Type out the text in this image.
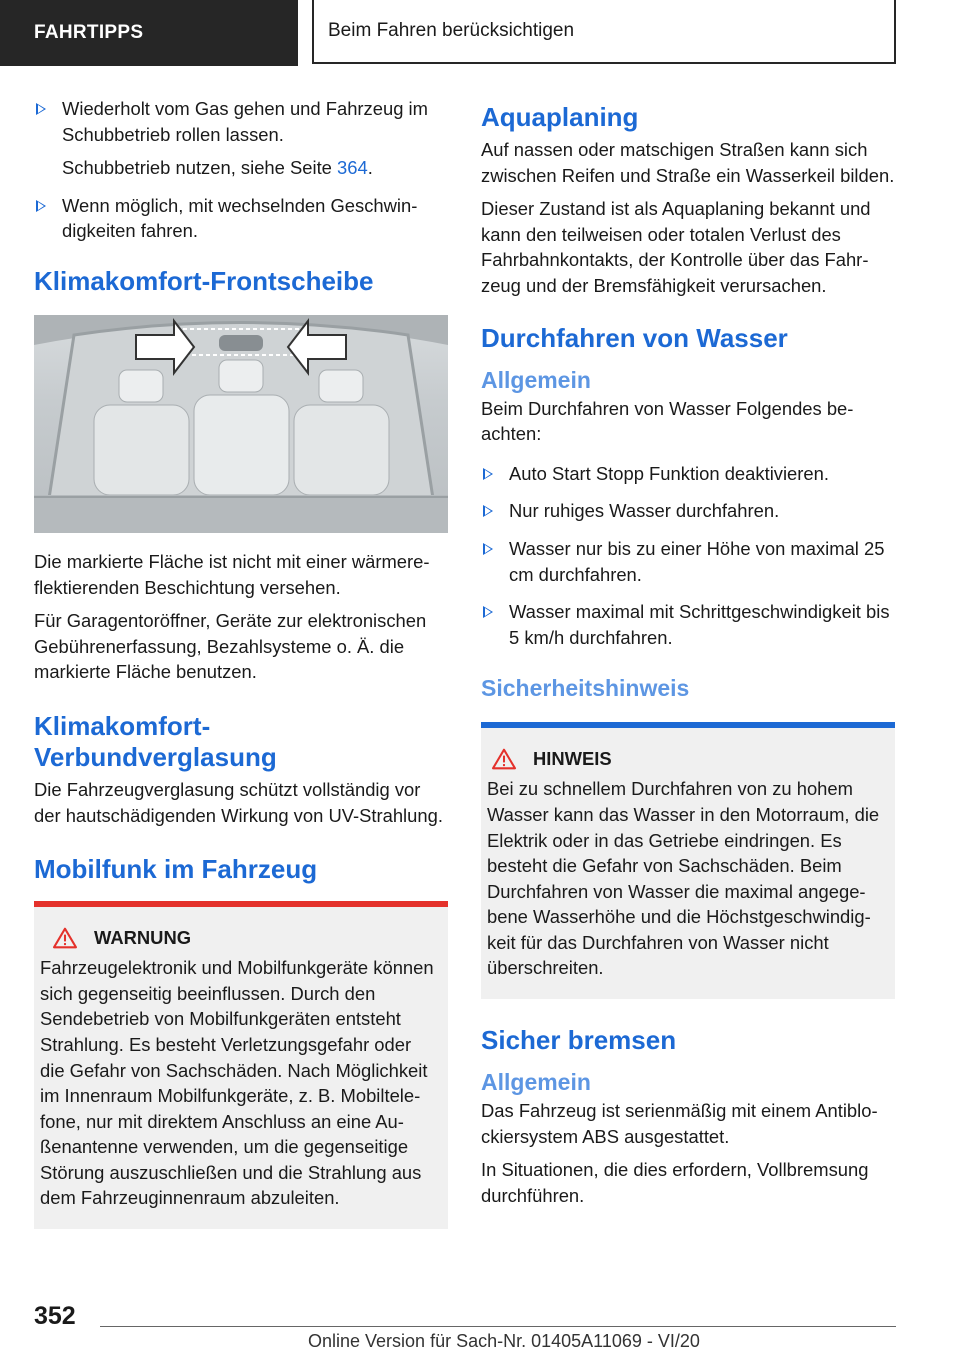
FAHRTIPPS	Beim Fahren berücksichtigen
Wiederholt vom Gas gehen und Fahrzeug im Schubbetrieb rollen lassen.

Schubbetrieb nutzen, siehe Seite 364.

Wenn möglich, mit wechselnden Geschwindigkeiten fahren.
Klimakomfort-Frontscheibe

Die markierte Fläche ist nicht mit einer wärmereflektierenden Beschichtung versehen.

Für Garagentoröffner, Geräte zur elektronischen Gebührenerfassung, Bezahlsysteme o. Ä. die markierte Fläche benutzen.

Klimakomfort-Verbundverglasung

Die Fahrzeugverglasung schützt vollständig vor der hautschädigenden Wirkung von UV-Strahlung.

Mobilfunk im Fahrzeug
WARNUNG

Fahrzeugelektronik und Mobilfunkgeräte können sich gegenseitig beeinflussen. Durch den Sendebetrieb von Mobilfunkgeräten entsteht Strahlung. Es besteht Verletzungsgefahr oder die Gefahr von Sachschäden. Nach Möglichkeit im Innenraum Mobilfunkgeräte, z. B. Mobiltelefone, nur mit direktem Anschluss an eine Außenantenne verwenden, um die gegenseitige Störung auszuschließen und die Strahlung aus dem Fahrzeuginnenraum abzuleiten.

Aquaplaning

Auf nassen oder matschigen Straßen kann sich zwischen Reifen und Straße ein Wasserkeil bilden.

Dieser Zustand ist als Aquaplaning bekannt und kann den teilweisen oder totalen Verlust des Fahrbahnkontakts, der Kontrolle über das Fahrzeug und der Bremsfähigkeit verursachen.

Durchfahren von Wasser
Allgemein

Beim Durchfahren von Wasser Folgendes beachten:

Auto Start Stopp Funktion deaktivieren.
Nur ruhiges Wasser durchfahren.
Wasser nur bis zu einer Höhe von maximal 25 cm durchfahren.
Wasser maximal mit Schrittgeschwindigkeit bis 5 km/h durchfahren.
Sicherheitshinweis
HINWEIS

Bei zu schnellem Durchfahren von zu hohem Wasser kann das Wasser in den Motorraum, die Elektrik oder in das Getriebe eindringen. Es besteht die Gefahr von Sachschäden. Beim Durchfahren von Wasser die maximal angegebene Wasserhöhe und die Höchstgeschwindigkeit für das Durchfahren von Wasser nicht überschreiten.

Sicher bremsen
Allgemein

Das Fahrzeug ist serienmäßig mit einem Antiblockiersystem ABS ausgestattet.

In Situationen, die dies erfordern, Vollbremsung durchführen.

352
Online Version für Sach-Nr. 01405A11069 - VI/20
